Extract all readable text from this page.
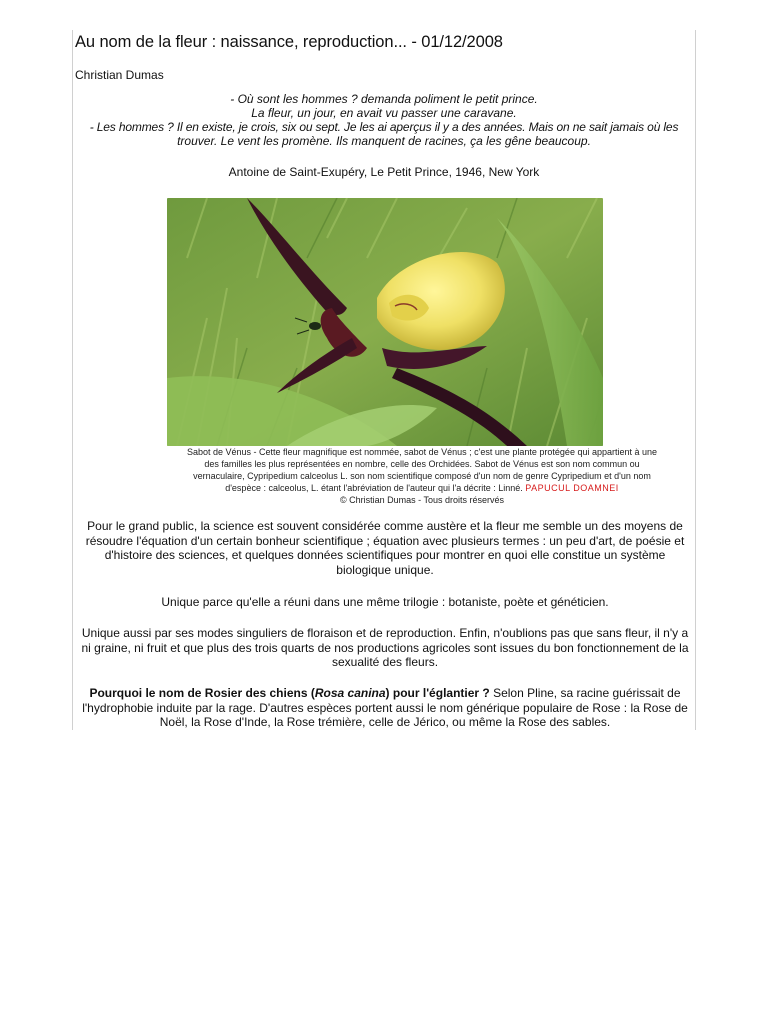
Au nom de la fleur : naissance, reproduction... - 01/12/2008
Christian Dumas
- Où sont les hommes ? demanda poliment le petit prince.
La fleur, un jour, en avait vu passer une caravane.
- Les hommes ? Il en existe, je crois, six ou sept. Je les ai aperçus il y a des années. Mais on ne sait jamais où les
trouver. Le vent les promène. Ils manquent de racines, ça les gêne beaucoup.
Antoine de Saint-Exupéry, Le Petit Prince, 1946, New York
Sabot de Vénus - Cette fleur magnifique est nommée, sabot de Vénus ; c'est une plante protégée qui appartient à une
des familles les plus représentées en nombre, celle des Orchidées. Sabot de Vénus est son nom commun ou
vernaculaire, Cypripedium calceolus L. son nom scientifique composé d'un nom de genre Cypripedium et d'un nom
d'espèce : calceolus, L. étant l'abréviation de l'auteur qui l'a décrite : Linné. PAPUCUL DOAMNEI
© Christian Dumas - Tous droits réservés
Pour le grand public, la science est souvent considérée comme austère et la fleur me semble un des moyens de
résoudre l'équation d'un certain bonheur scientifique ; équation avec plusieurs termes : un peu d'art, de poésie et
d'histoire des sciences, et quelques données scientifiques pour montrer en quoi elle constitue un système
biologique unique.
Unique parce qu'elle a réuni dans une même trilogie : botaniste, poète et généticien.
Unique aussi par ses modes singuliers de floraison et de reproduction. Enfin, n'oublions pas que sans fleur, il n'y a
ni graine, ni fruit et que plus des trois quarts de nos productions agricoles sont issues du bon fonctionnement de la
sexualité des fleurs.
Pourquoi le nom de Rosier des chiens (Rosa canina) pour l'églantier ? Selon Pline, sa racine guérissait de
l'hydrophobie induite par la rage. D'autres espèces portent aussi le nom générique populaire de Rose : la Rose de
Noël, la Rose d'Inde, la Rose trémière, celle de Jérico, ou même la Rose des sables.
